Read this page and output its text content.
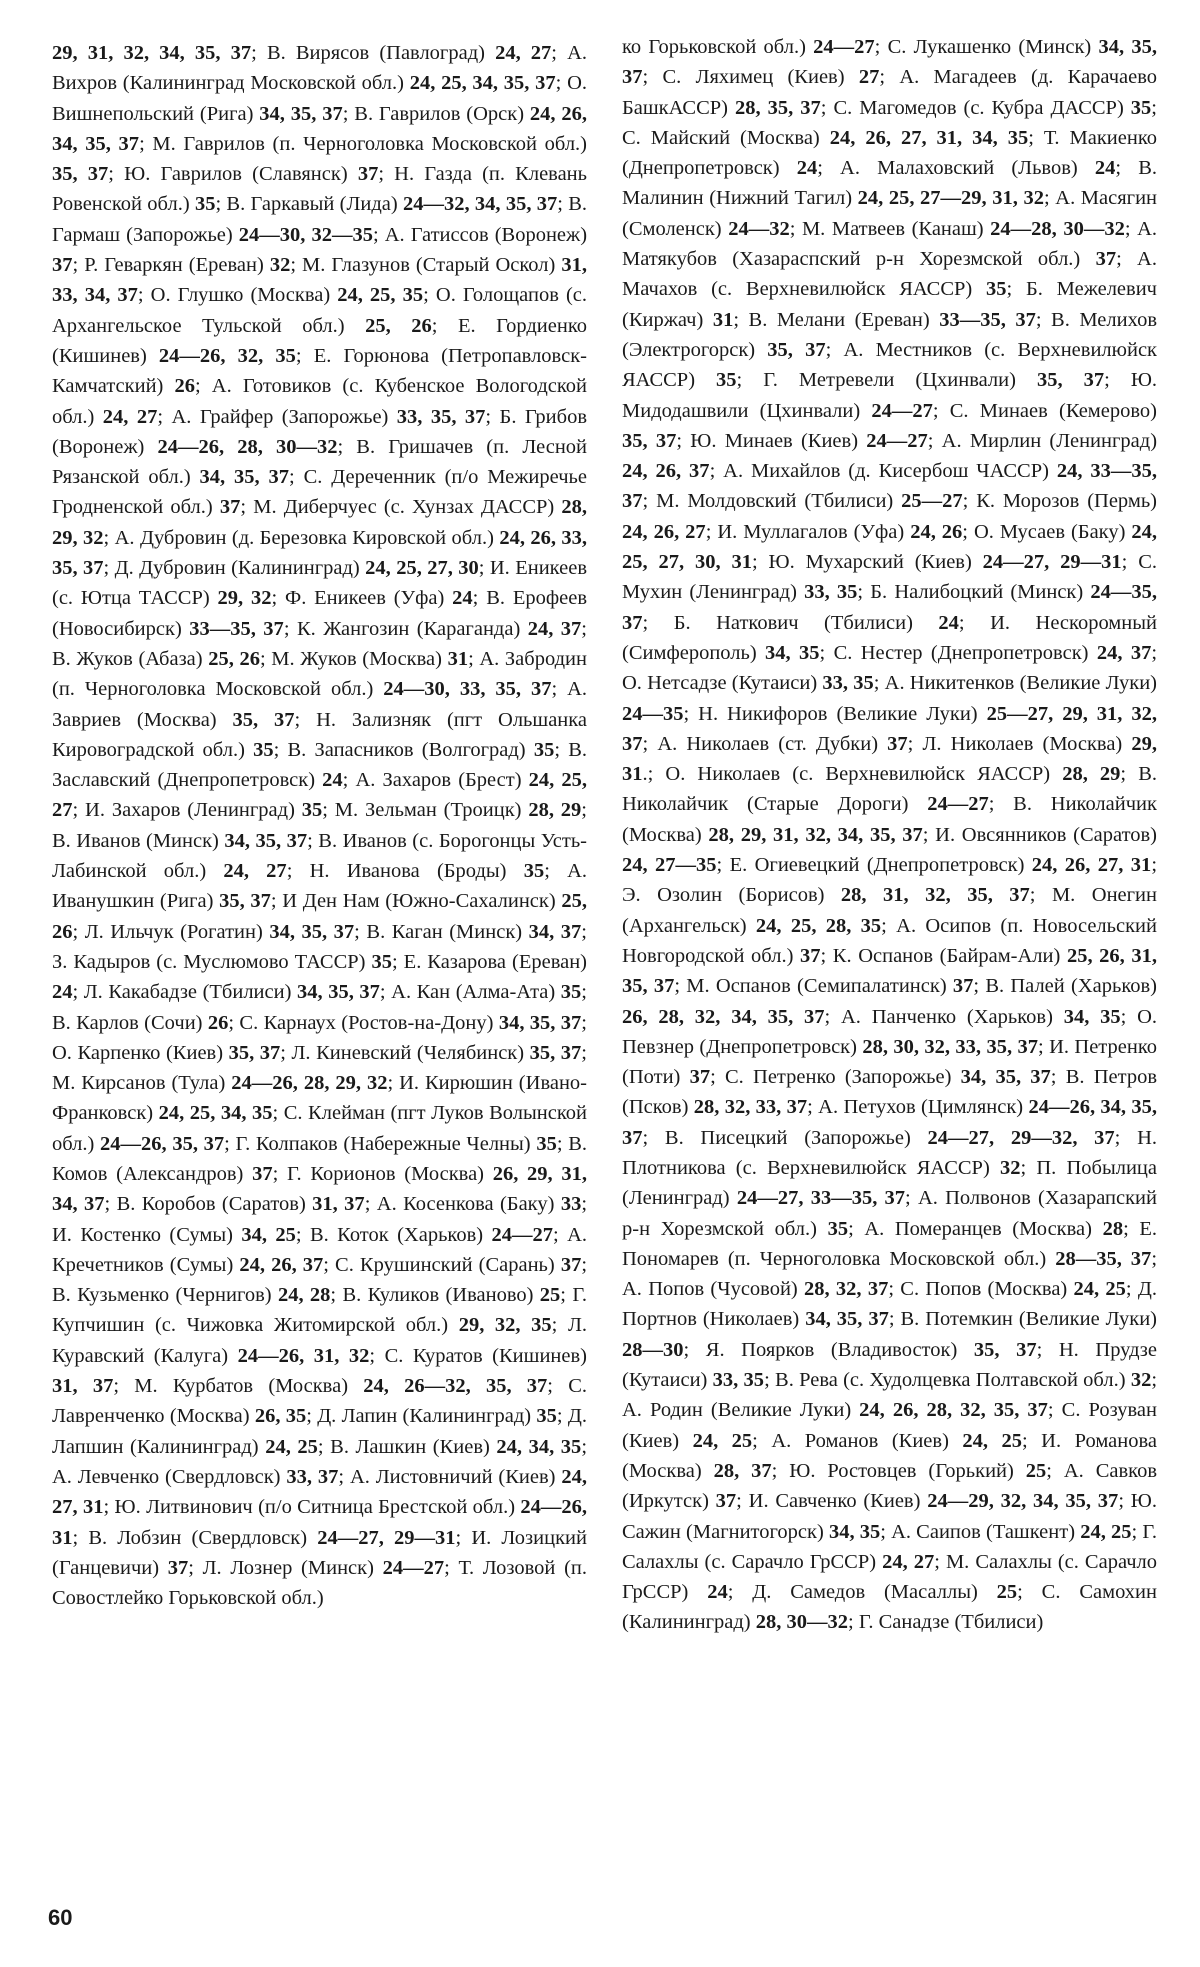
29, 31, 32, 34, 35, 37; В. Вирясов (Павлоград) 24, 27; А. Вихров (Калининград Московской обл.) 24, 25, 34, 35, 37; О. Вишнепольский (Рига) 34, 35, 37; В. Гаврилов (Орск) 24, 26, 34, 35, 37; М. Гаврилов (п. Черноголовка Московской обл.) 35, 37; Ю. Гаврилов (Славянск) 37; Н. Газда (п. Клевань Ровенской обл.) 35; В. Гаркавый (Лида) 24—32, 34, 35, 37; В. Гармаш (Запорожье) 24—30, 32—35; А. Гатиссов (Воронеж) 37; Р. Геваркян (Ереван) 32; М. Глазунов (Старый Оскол) 31, 33, 34, 37; О. Глушко (Москва) 24, 25, 35; О. Голощапов (с. Архангельское Тульской обл.) 25, 26; Е. Гордиенко (Кишинев) 24—26, 32, 35; Е. Горюнова (Петропавловск-Камчатский) 26; А. Готовиков (с. Кубенское Вологодской обл.) 24, 27; А. Грайфер (Запорожье) 33, 35, 37; Б. Грибов (Воронеж) 24—26, 28, 30—32; В. Гришачев (п. Лесной Рязанской обл.) 34, 35, 37; С. Дереченник (п/о Межиречье Гродненской обл.) 37; М. Диберчуес (с. Хунзах ДАССР) 28, 29, 32; А. Дубровин (д. Березовка Кировской обл.) 24, 26, 33, 35, 37; Д. Дубровин (Калининград) 24, 25, 27, 30; И. Еникеев (с. Ютца ТАССР) 29, 32; Ф. Еникеев (Уфа) 24; В. Ерофеев (Новосибирск) 33—35, 37; К. Жангозин (Караганда) 24, 37; В. Жуков (Абаза) 25, 26; М. Жуков (Москва) 31; А. Забродин (п. Черноголовка Московской обл.) 24—30, 33, 35, 37; А. Завриев (Москва) 35, 37; Н. Зализняк (пгт Ольшанка Кировоградской обл.) 35; В. Запасников (Волгоград) 35; В. Заславский (Днепропетровск) 24; А. Захаров (Брест) 24, 25, 27; И. Захаров (Ленинград) 35; М. Зельман (Троицк) 28, 29; В. Иванов (Минск) 34, 35, 37; В. Иванов (с. Борогонцы Усть-Лабинской обл.) 24, 27; Н. Иванова (Броды) 35; А. Иванушкин (Рига) 35, 37; И Ден Нам (Южно-Сахалинск) 25, 26; Л. Ильчук (Рогатин) 34, 35, 37; В. Каган (Минск) 34, 37; З. Кадыров (с. Муслюмово ТАССР) 35; Е. Казарова (Ереван) 24; Л. Какабадзе (Тбилиси) 34, 35, 37; А. Кан (Алма-Ата) 35; В. Карлов (Сочи) 26; С. Карнаух (Ростов-на-Дону) 34, 35, 37; О. Карпенко (Киев) 35, 37; Л. Киневский (Челябинск) 35, 37; М. Кирсанов (Тула) 24—26, 28, 29, 32; И. Кирюшин (Ивано-Франковск) 24, 25, 34, 35; С. Клейман (пгт Луков Волынской обл.) 24—26, 35, 37; Г. Колпаков (Набережные Челны) 35; В. Комов (Александров) 37; Г. Корионов (Москва) 26, 29, 31, 34, 37; В. Коробов (Саратов) 31, 37; А. Косенкова (Баку) 33; И. Костенко (Сумы) 34, 25; В. Коток (Харьков) 24—27; А. Кречетников (Сумы) 24, 26, 37; С. Крушинский (Сарань) 37; В. Кузьменко (Чернигов) 24, 28; В. Куликов (Иваново) 25; Г. Купчишин (с. Чижовка Житомирской обл.) 29, 32, 35; Л. Куравский (Калуга) 24—26, 31, 32; С. Куратов (Кишинев) 31, 37; М. Курбатов (Москва) 24, 26—32, 35, 37; С. Лавренченко (Москва) 26, 35; Д. Лапин (Калининград) 35; Д. Лапшин (Калининград) 24, 25; В. Лашкин (Киев) 24, 34, 35; А. Левченко (Свердловск) 33, 37; А. Листовничий (Киев) 24, 27, 31; Ю. Литвинович (п/о Ситница Брестской обл.) 24—26, 31; В. Лобзин (Свердловск) 24—27, 29—31; И. Лозицкий (Ганцевичи) 37; Л. Лознер (Минск) 24—27; Т. Лозовой (п. Совостлейко Горьковской обл.)
ко Горьковской обл.) 24—27; С. Лукашенко (Минск) 34, 35, 37; С. Ляхимец (Киев) 27; А. Магадеев (д. Карачаево БашкАССР) 28, 35, 37; С. Магомедов (с. Кубра ДАССР) 35; С. Майский (Москва) 24, 26, 27, 31, 34, 35; Т. Макиенко (Днепропетровск) 24; А. Малаховский (Львов) 24; В. Малинин (Нижний Тагил) 24, 25, 27—29, 31, 32; А. Масягин (Смоленск) 24—32; М. Матвеев (Канаш) 24—28, 30—32; А. Матякубов (Хазараспский р-н Хорезмской обл.) 37; А. Мачахов (с. Верхневилюйск ЯАССР) 35; Б. Межелевич (Киржач) 31; В. Мелани (Ереван) 33—35, 37; В. Мелихов (Электрогорск) 35, 37; А. Местников (с. Верхневилюйск ЯАССР) 35; Г. Метревели (Цхинвали) 35, 37; Ю. Мидодашвили (Цхинвали) 24—27; С. Минаев (Кемерово) 35, 37; Ю. Минаев (Киев) 24—27; А. Мирлин (Ленинград) 24, 26, 37; А. Михайлов (д. Кисербош ЧАССР) 24, 33—35, 37; М. Молдовский (Тбилиси) 25—27; К. Морозов (Пермь) 24, 26, 27; И. Муллагалов (Уфа) 24, 26; О. Мусаев (Баку) 24, 25, 27, 30, 31; Ю. Мухарский (Киев) 24—27, 29—31; С. Мухин (Ленинград) 33, 35; Б. Налибоцкий (Минск) 24—35, 37; Б. Наткович (Тбилиси) 24; И. Нескоромный (Симферополь) 34, 35; С. Нестер (Днепропетровск) 24, 37; О. Нетсадзе (Кутаиси) 33, 35; А. Никитенков (Великие Луки) 24—35; Н. Никифоров (Великие Луки) 25—27, 29, 31, 32, 37; А. Николаев (ст. Дубки) 37; Л. Николаев (Москва) 29, 31.; О. Николаев (с. Верхневилюйск ЯАССР) 28, 29; В. Николайчик (Старые Дороги) 24—27; В. Николайчик (Москва) 28, 29, 31, 32, 34, 35, 37; И. Овсянников (Саратов) 24, 27—35; Е. Огиевецкий (Днепропетровск) 24, 26, 27, 31; Э. Озолин (Борисов) 28, 31, 32, 35, 37; М. Онегин (Архангельск) 24, 25, 28, 35; А. Осипов (п. Новосельский Новгородской обл.) 37; К. Оспанов (Байрам-Али) 25, 26, 31, 35, 37; М. Оспанов (Семипалатинск) 37; В. Палей (Харьков) 26, 28, 32, 34, 35, 37; А. Панченко (Харьков) 34, 35; О. Певзнер (Днепропетровск) 28, 30, 32, 33, 35, 37; И. Петренко (Поти) 37; С. Петренко (Запорожье) 34, 35, 37; В. Петров (Псков) 28, 32, 33, 37; А. Петухов (Цимлянск) 24—26, 34, 35, 37; В. Писецкий (Запорожье) 24—27, 29—32, 37; Н. Плотникова (с. Верхневилюйск ЯАССР) 32; П. Побылица (Ленинград) 24—27, 33—35, 37; А. Полвонов (Хазарапский р-н Хорезмской обл.) 35; А. Померанцев (Москва) 28; Е. Пономарев (п. Черноголовка Московской обл.) 28—35, 37; А. Попов (Чусовой) 28, 32, 37; С. Попов (Москва) 24, 25; Д. Портнов (Николаев) 34, 35, 37; В. Потемкин (Великие Луки) 28—30; Я. Поярков (Владивосток) 35, 37; Н. Прудзе (Кутаиси) 33, 35; В. Рева (с. Худолцевка Полтавской обл.) 32; А. Родин (Великие Луки) 24, 26, 28, 32, 35, 37; С. Розуван (Киев) 24, 25; А. Романов (Киев) 24, 25; И. Романова (Москва) 28, 37; Ю. Ростовцев (Горький) 25; А. Савков (Иркутск) 37; И. Савченко (Киев) 24—29, 32, 34, 35, 37; Ю. Сажин (Магнитогорск) 34, 35; А. Саипов (Ташкент) 24, 25; Г. Салахлы (с. Сарачло ГрССР) 24, 27; М. Салахлы (с. Сарачло ГрССР) 24; Д. Самедов (Масаллы) 25; С. Самохин (Калининград) 28, 30—32; Г. Санадзе (Тбилиси)
60
